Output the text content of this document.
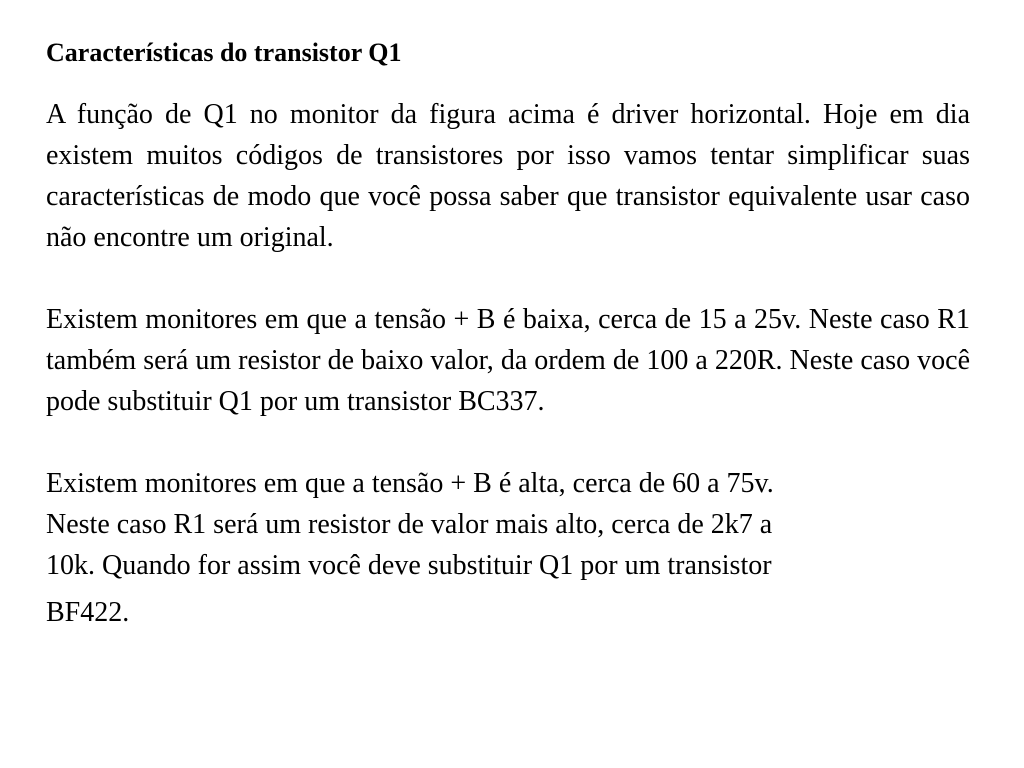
Características do transistor Q1

A função de Q1 no monitor da figura acima é driver horizontal. Hoje em dia existem muitos códigos de transistores por isso vamos tentar simplificar suas características de modo que você possa saber que transistor equivalente usar caso não encontre um original.

Existem monitores em que a tensão + B é baixa, cerca de 15 a 25v. Neste caso R1 também será um resistor de baixo valor, da ordem de 100 a 220R. Neste caso você pode substituir Q1 por um transistor BC337.

Existem monitores em que a tensão + B é alta, cerca de 60 a 75v.
Neste caso R1 será um resistor de valor mais alto, cerca de 2k7 a
10k. Quando for assim você deve substituir Q1 por um transistor
BF422.
